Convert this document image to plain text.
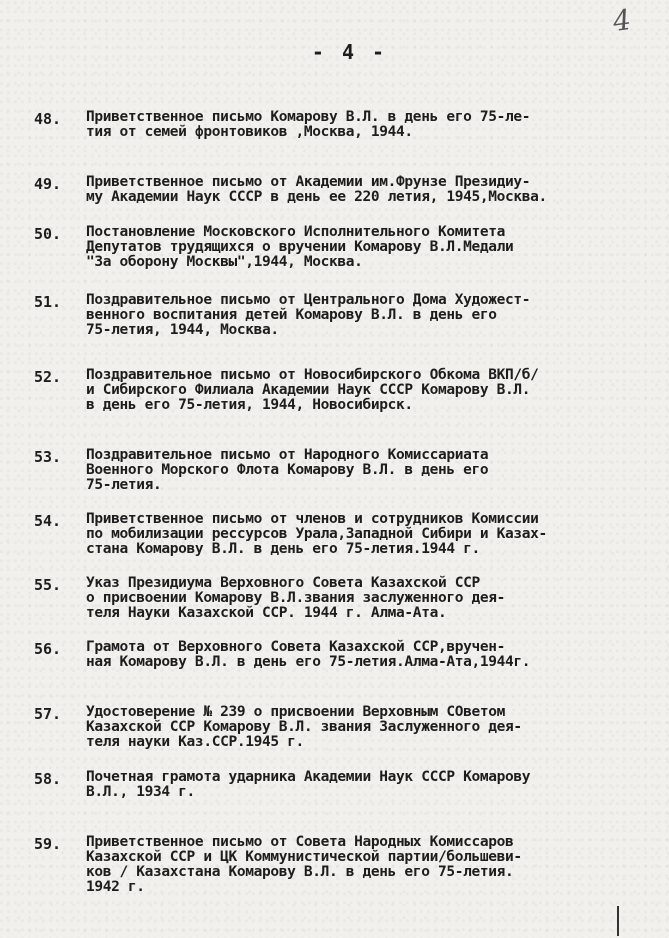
4
- 4 -
48.	Приветственное письмо Комарову В.Л. в день его 75-ле-
тия от семей фронтовиков ,Москва, 1944.
49.	Приветственное письмо от Академии им.Фрунзе Президиу-
му Академии Наук СССР в день ее 220 летия, 1945,Москва.
50.	Постановление Московского Исполнительного Комитета
Депутатов трудящихся о вручении Комарову В.Л.Медали
"За оборону Москвы",1944, Москва.
51.	Поздравительное письмо от Центрального Дома Художест-
венного воспитания детей Комарову В.Л. в день его
75-летия, 1944, Москва.
52.	Поздравительное письмо от Новосибирского Обкома ВКП/б/
и Сибирского Филиала Академии Наук СССР Комарову В.Л.
в день его 75-летия, 1944, Новосибирск.
53.	Поздравительное письмо от Народного Комиссариата
Военного Морского Флота Комарову В.Л. в день его
75-летия.
54.	Приветственное письмо от членов и сотрудников Комиссии
по мобилизации рессурсов Урала,Западной Сибири и Казах-
стана Комарову В.Л. в день его 75-летия.1944 г.
55.	Указ Президиума Верховного Совета Казахской ССР
о присвоении Комарову В.Л.звания заслуженного дея-
теля Науки Казахской ССР. 1944 г. Алма-Ата.
56.	Грамота от Верховного Совета Казахской ССР,вручен-
ная Комарову В.Л. в день его 75-летия.Алма-Ата,1944г.
57.	Удостоверение № 239 о присвоении Верховным СОветом
Казахской ССР Комарову В.Л. звания Заслуженного дея-
теля науки Каз.ССР.1945 г.
58.	Почетная грамота ударника Академии Наук СССР Комарову
В.Л., 1934 г.
59.	Приветственное письмо от Совета Народных Комиссаров
Казахской ССР и ЦК Коммунистической партии/большеви-
ков / Казахстана Комарову В.Л. в день его 75-летия.
1942 г.
